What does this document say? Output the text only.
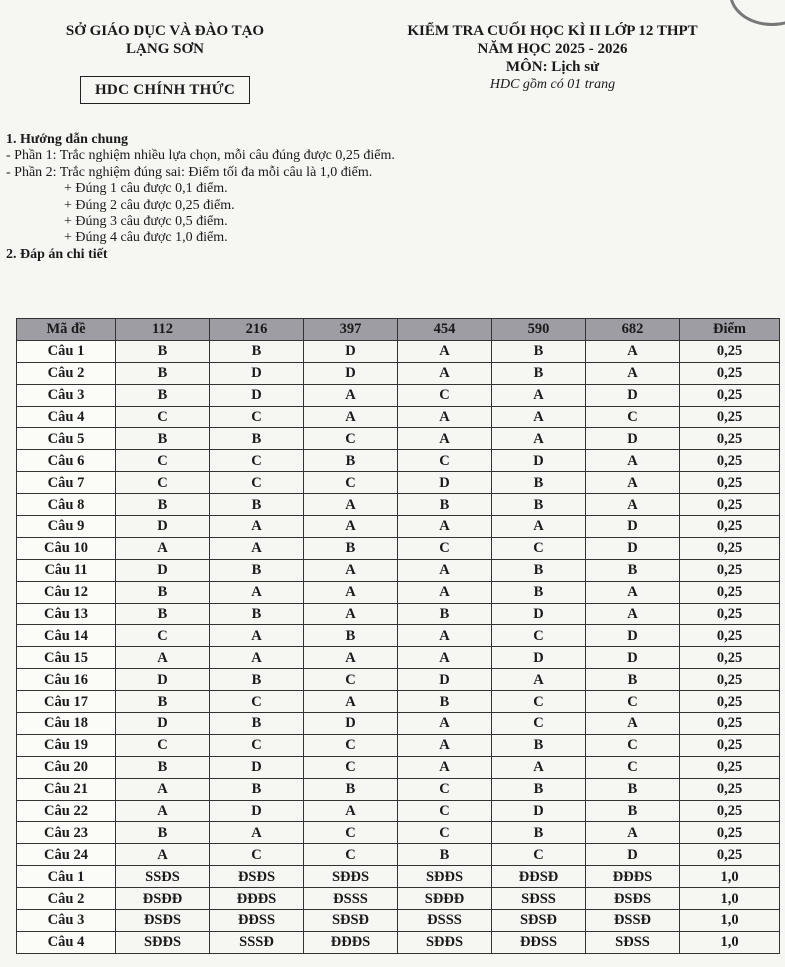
SỞ GIÁO DỤC VÀ ĐÀO TẠO
LẠNG SƠN
HDC CHÍNH THỨC
KIỂM TRA CUỐI HỌC KÌ II LỚP 12 THPT
NĂM HỌC 2025 - 2026
MÔN: Lịch sử
HDC gồm có 01 trang
1. Hướng dẫn chung
- Phần 1: Trắc nghiệm nhiều lựa chọn, mỗi câu đúng được 0,25 điểm.
- Phần 2: Trắc nghiệm đúng sai: Điểm tối đa mỗi câu là 1,0 điểm.
+ Đúng 1 câu được 0,1 điểm.
+ Đúng 2 câu được 0,25 điểm.
+ Đúng 3 câu được 0,5 điểm.
+ Đúng 4 câu được 1,0 điểm.
2. Đáp án chi tiết
Mã đề	112	216	397	454	590	682	Điểm
Câu 1	B	B	D	A	B	A	0,25
Câu 2	B	D	D	A	B	A	0,25
Câu 3	B	D	A	C	A	D	0,25
Câu 4	C	C	A	A	A	C	0,25
Câu 5	B	B	C	A	A	D	0,25
Câu 6	C	C	B	C	D	A	0,25
Câu 7	C	C	C	D	B	A	0,25
Câu 8	B	B	A	B	B	A	0,25
Câu 9	D	A	A	A	A	D	0,25
Câu 10	A	A	B	C	C	D	0,25
Câu 11	D	B	A	A	B	B	0,25
Câu 12	B	A	A	A	B	A	0,25
Câu 13	B	B	A	B	D	A	0,25
Câu 14	C	A	B	A	C	D	0,25
Câu 15	A	A	A	A	D	D	0,25
Câu 16	D	B	C	D	A	B	0,25
Câu 17	B	C	A	B	C	C	0,25
Câu 18	D	B	D	A	C	A	0,25
Câu 19	C	C	C	A	B	C	0,25
Câu 20	B	D	C	A	A	C	0,25
Câu 21	A	B	B	C	B	B	0,25
Câu 22	A	D	A	C	D	B	0,25
Câu 23	B	A	C	C	B	A	0,25
Câu 24	A	C	C	B	C	D	0,25
Câu 1	SSĐS	ĐSĐS	SĐĐS	SĐĐS	ĐĐSĐ	ĐĐĐS	1,0
Câu 2	ĐSĐĐ	ĐĐĐS	ĐSSS	SĐĐĐ	SĐSS	ĐSĐS	1,0
Câu 3	ĐSĐS	ĐĐSS	SĐSĐ	ĐSSS	SĐSĐ	ĐSSĐ	1,0
Câu 4	SĐĐS	SSSĐ	ĐĐĐS	SĐĐS	ĐĐSS	SĐSS	1,0
